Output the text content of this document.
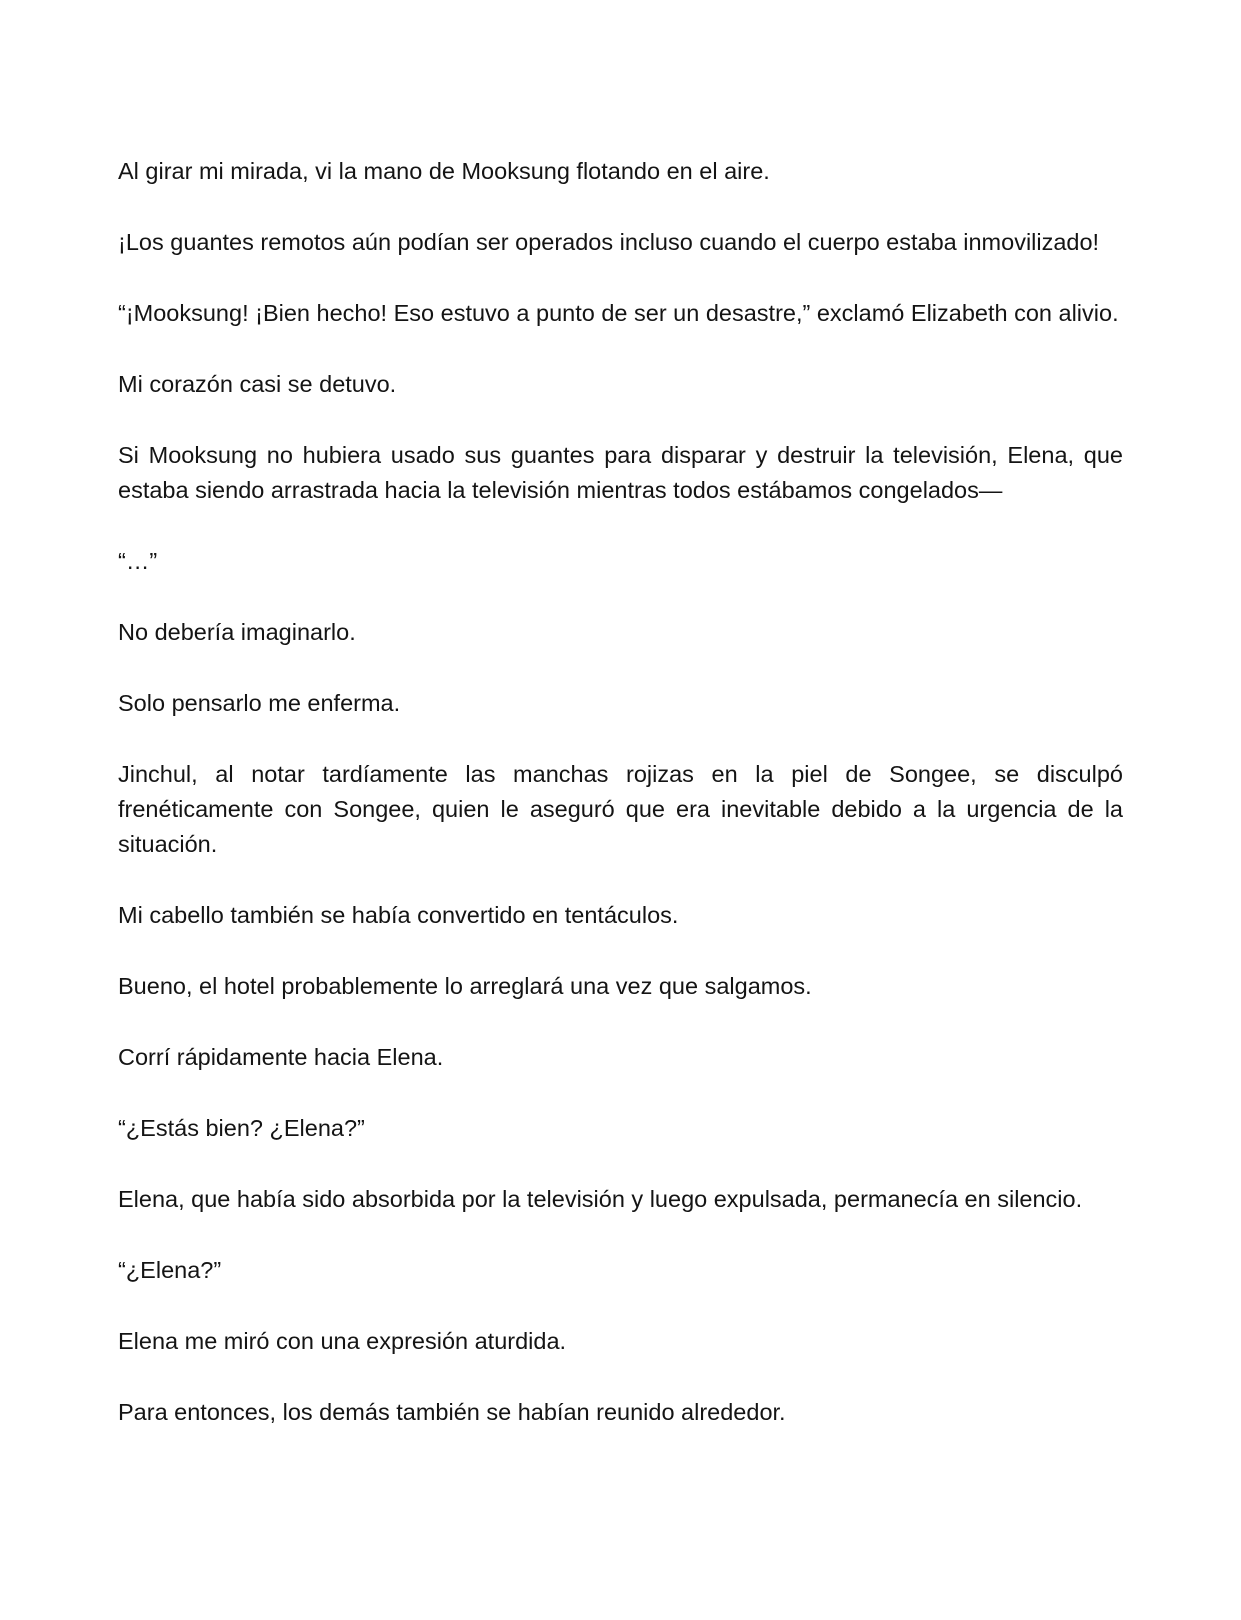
Al girar mi mirada, vi la mano de Mooksung flotando en el aire.

¡Los guantes remotos aún podían ser operados incluso cuando el cuerpo estaba inmovilizado!

“¡Mooksung! ¡Bien hecho! Eso estuvo a punto de ser un desastre,” exclamó Elizabeth con alivio.

Mi corazón casi se detuvo.

Si Mooksung no hubiera usado sus guantes para disparar y destruir la televisión, Elena, que estaba siendo arrastrada hacia la televisión mientras todos estábamos congelados—

“…”

No debería imaginarlo.

Solo pensarlo me enferma.

Jinchul, al notar tardíamente las manchas rojizas en la piel de Songee, se disculpó frenéticamente con Songee, quien le aseguró que era inevitable debido a la urgencia de la situación.

Mi cabello también se había convertido en tentáculos.

Bueno, el hotel probablemente lo arreglará una vez que salgamos.

Corrí rápidamente hacia Elena.

“¿Estás bien? ¿Elena?”

Elena, que había sido absorbida por la televisión y luego expulsada, permanecía en silencio.

“¿Elena?”

Elena me miró con una expresión aturdida.

Para entonces, los demás también se habían reunido alrededor.
